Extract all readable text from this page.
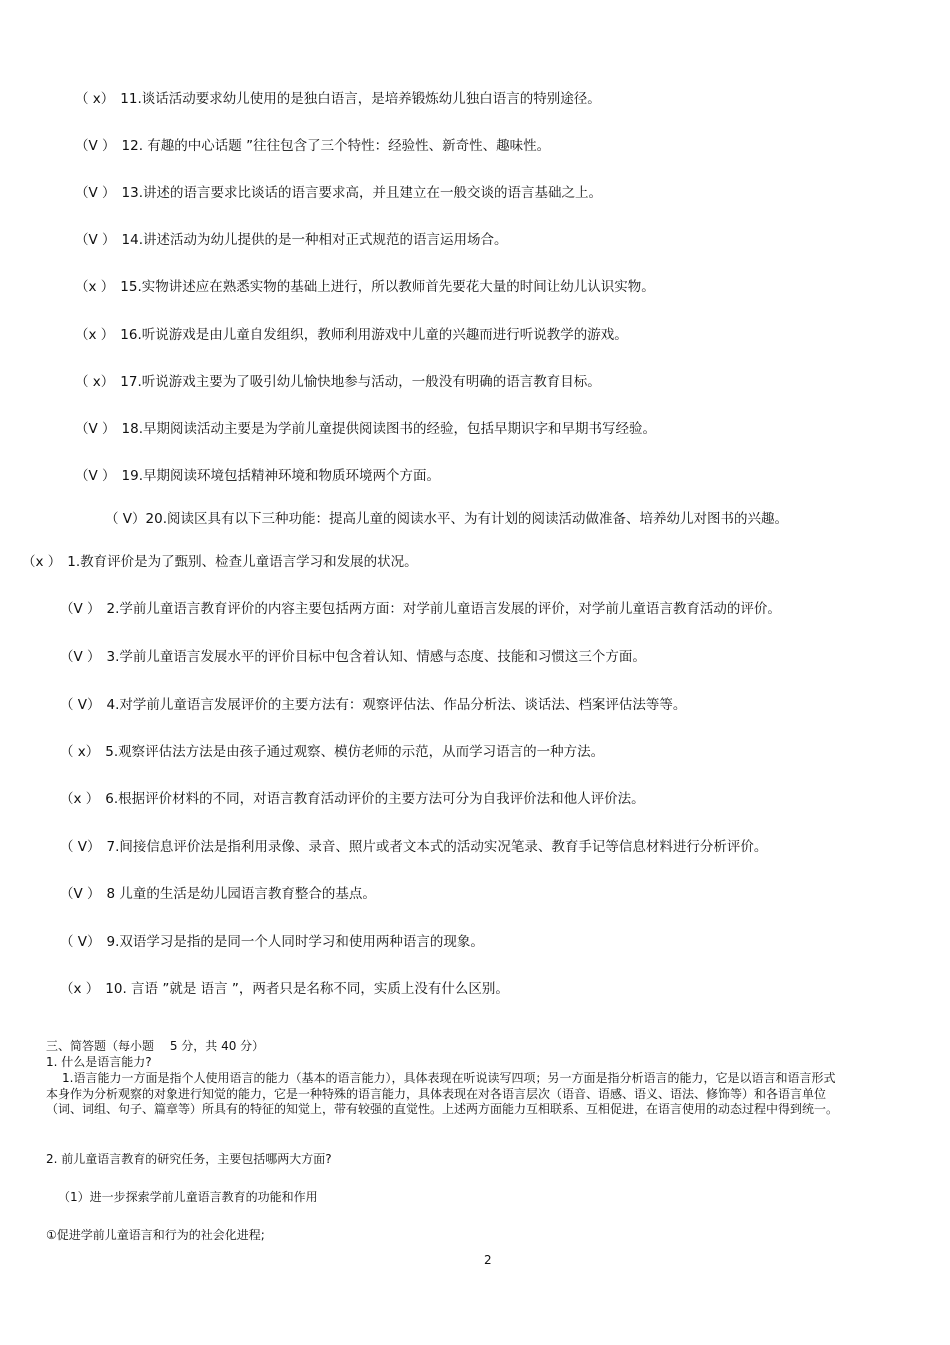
（ x） 11.谈话活动要求幼儿使用的是独白语言，是培养锻炼幼儿独白语言的特别途径。
（V ） 12. 有趣的中心话题 ”往往包含了三个特性：经验性、新奇性、趣味性。
（V ） 13.讲述的语言要求比谈话的语言要求高，并且建立在一般交谈的语言基础之上。
（V ） 14.讲述活动为幼儿提供的是一种相对正式规范的语言运用场合。
（x ） 15.实物讲述应在熟悉实物的基础上进行，所以教师首先要花大量的时间让幼儿认识实物。
（x ） 16.听说游戏是由儿童自发组织，教师利用游戏中儿童的兴趣而进行听说教学的游戏。
（ x） 17.听说游戏主要为了吸引幼儿愉快地参与活动，一般没有明确的语言教育目标。
（V ） 18.早期阅读活动主要是为学前儿童提供阅读图书的经验，包括早期识字和早期书写经验。
（V ） 19.早期阅读环境包括精神环境和物质环境两个方面。
（ V）20.阅读区具有以下三种功能：提高儿童的阅读水平、为有计划的阅读活动做准备、培养幼儿对图书的兴趣。
（x ） 1.教育评价是为了甄别、检查儿童语言学习和发展的状况。
（V ） 2.学前儿童语言教育评价的内容主要包括两方面：对学前儿童语言发展的评价，对学前儿童语言教育活动的评价。
（V ） 3.学前儿童语言发展水平的评价目标中包含着认知、情感与态度、技能和习惯这三个方面。
（ V） 4.对学前儿童语言发展评价的主要方法有：观察评估法、作品分析法、谈话法、档案评估法等等。
（ x） 5.观察评估法方法是由孩子通过观察、模仿老师的示范，从而学习语言的一种方法。
（x ） 6.根据评价材料的不同，对语言教育活动评价的主要方法可分为自我评价法和他人评价法。
（ V） 7.间接信息评价法是指利用录像、录音、照片或者文本式的活动实况笔录、教育手记等信息材料进行分析评价。
（V ） 8 儿童的生活是幼儿园语言教育整合的基点。
（ V） 9.双语学习是指的是同一个人同时学习和使用两种语言的现象。
（x ） 10. 言语 ”就是 语言 ”，两者只是名称不同，实质上没有什么区别。
三、简答题（每小题　 5 分，共 40 分）
1. 什么是语言能力?
1.语言能力一方面是指个人使用语言的能力（基本的语言能力），具体表现在听说读写四项；另一方面是指分析语言的能力，它是以语言和语言形式本身作为分析观察的对象进行知觉的能力，它是一种特殊的语言能力，具体表现在对各语言层次（语音、语感、语义、语法、修饰等）和各语言单位（词、词组、句子、篇章等）所具有的特征的知觉上，带有较强的直觉性。上述两方面能力互相联系、互相促进，在语言使用的动态过程中得到统一。
2. 前儿童语言教育的研究任务，主要包括哪两大方面?
（1）进一步探索学前儿童语言教育的功能和作用
①促进学前儿童语言和行为的社会化进程;
2
